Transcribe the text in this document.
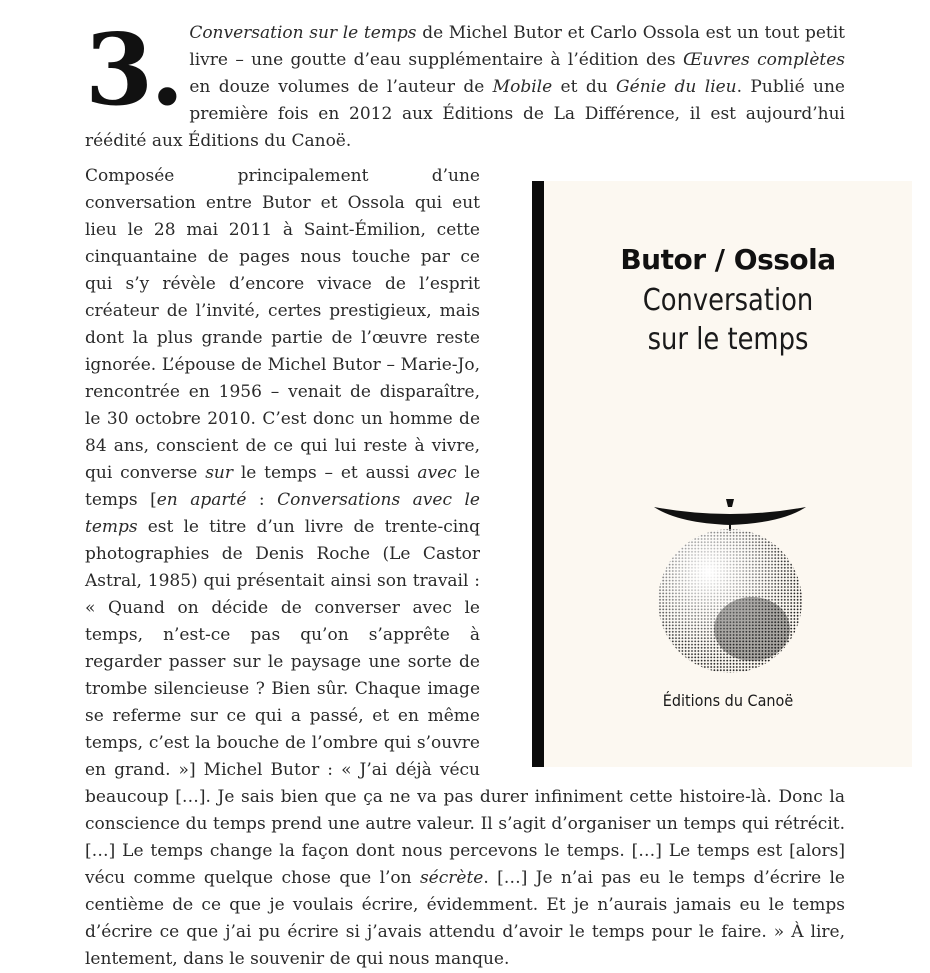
3. Conversation sur le temps de Michel Butor et Carlo Ossola est un tout petit livre – une goutte d’eau supplémentaire à l’édition des Œuvres complètes en douze volumes de l’auteur de Mobile et du Génie du lieu. Publié une première fois en 2012 aux Éditions de La Différence, il est aujourd’hui réédité aux Éditions du Canoë.

Butor / Ossola
Conversation
sur le temps
Éditions du Canoë

Composée principalement d’une conversation entre Butor et Ossola qui eut lieu le 28 mai 2011 à Saint-Émilion, cette cinquantaine de pages nous touche par ce qui s’y révèle d’encore vivace de l’esprit créateur de l’invité, certes prestigieux, mais dont la plus grande partie de l’œuvre reste ignorée. L’épouse de Michel Butor – Marie-Jo, rencontrée en 1956 – venait de disparaître, le 30 octobre 2010. C’est donc un homme de 84 ans, conscient de ce qui lui reste à vivre, qui converse sur le temps – et aussi avec le temps [en aparté : Conversations avec le temps est le titre d’un livre de trente-cinq photographies de Denis Roche (Le Castor Astral, 1985) qui présentait ainsi son travail : « Quand on décide de converser avec le temps, n’est-ce pas qu’on s’apprête à regarder passer sur le paysage une sorte de trombe silencieuse ? Bien sûr. Chaque image se referme sur ce qui a passé, et en même temps, c’est la bouche de l’ombre qui s’ouvre en grand. »] Michel Butor : « J’ai déjà vécu beaucoup […]. Je sais bien que ça ne va pas durer infiniment cette histoire-là. Donc la conscience du temps prend une autre valeur. Il s’agit d’organiser un temps qui rétrécit. […] Le temps change la façon dont nous percevons le temps. […] Le temps est [alors] vécu comme quelque chose que l’on sécrète. […] Je n’ai pas eu le temps d’écrire le centième de ce que je voulais écrire, évidemment. Et je n’aurais jamais eu le temps d’écrire ce que j’ai pu écrire si j’avais attendu d’avoir le temps pour le faire. » À lire, lentement, dans le souvenir de qui nous manque.
